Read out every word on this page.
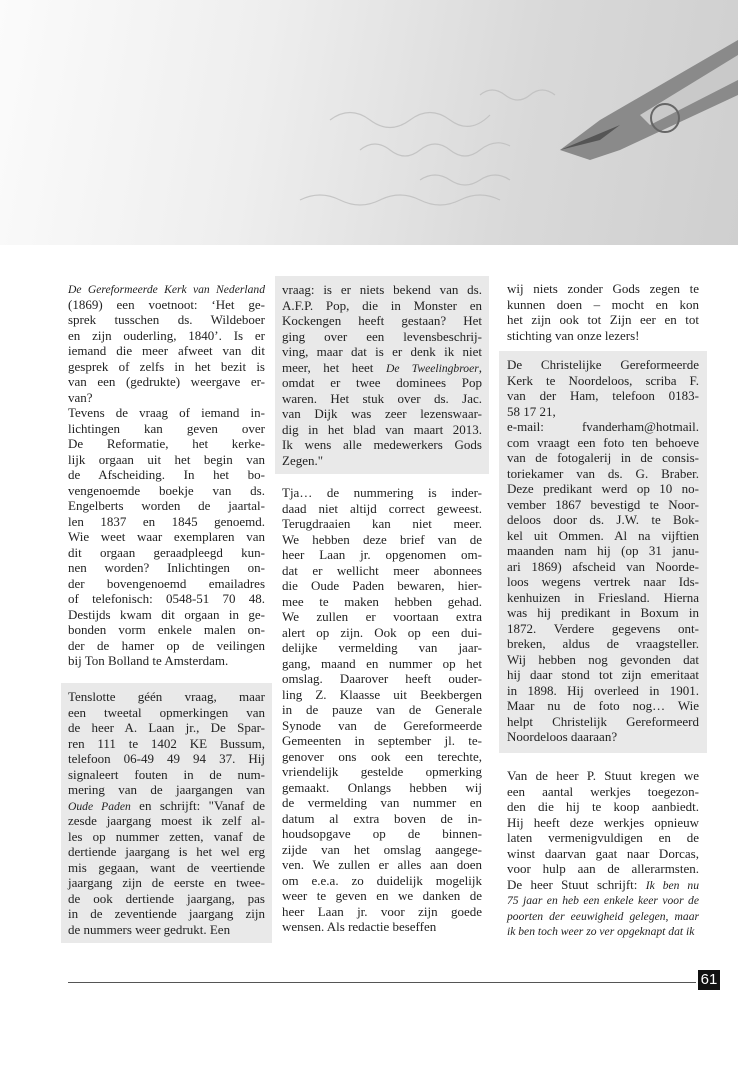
De Gereformeerde Kerk van Nederland
(1869) een voetnoot: ‘Het ge-
sprek tusschen ds. Wildeboer
en zijn ouderling, 1840’. Is er
iemand die meer afweet van dit
gesprek of zelfs in het bezit is
van een (gedrukte) weergave er-
van?
Tevens de vraag of iemand in-
lichtingen kan geven over
De Reformatie, het kerke-
lijk orgaan uit het begin van
de Afscheiding. In het bo-
vengenoemde boekje van ds.
Engelberts worden de jaartal-
len 1837 en 1845 genoemd.
Wie weet waar exemplaren van
dit orgaan geraadpleegd kun-
nen worden? Inlichtingen on-
der bovengenoemd emailadres
of telefonisch: 0548-51 70 48.
Destijds kwam dit orgaan in ge-
bonden vorm enkele malen on-
der de hamer op de veilingen
bij Ton Bolland te Amsterdam.
Tenslotte géén vraag, maar
een tweetal opmerkingen van
de heer A. Laan jr., De Spar-
ren 111 te 1402 KE Bussum,
telefoon 06-49 49 94 37. Hij
signaleert fouten in de num-
mering van de jaargangen van
Oude Paden en schrijft: "Vanaf de
zesde jaargang moest ik zelf al-
les op nummer zetten, vanaf de
dertiende jaargang is het wel erg
mis gegaan, want de veertiende
jaargang zijn de eerste en twee-
de ook dertiende jaargang, pas
in de zeventiende jaargang zijn
de nummers weer gedrukt. Een
vraag: is er niets bekend van ds.
A.F.P. Pop, die in Monster en
Kockengen heeft gestaan? Het
ging over een levensbeschrij-
ving, maar dat is er denk ik niet
meer, het heet De Tweelingbroer,
omdat er twee dominees Pop
waren. Het stuk over ds. Jac.
van Dijk was zeer lezenswaar-
dig in het blad van maart 2013.
Ik wens alle medewerkers Gods
Zegen."
Tja… de nummering is inder-
daad niet altijd correct geweest.
Terugdraaien kan niet meer.
We hebben deze brief van de
heer Laan jr. opgenomen om-
dat er wellicht meer abonnees
die Oude Paden bewaren, hier-
mee te maken hebben gehad.
We zullen er voortaan extra
alert op zijn. Ook op een dui-
delijke vermelding van jaar-
gang, maand en nummer op het
omslag. Daarover heeft ouder-
ling Z. Klaasse uit Beekbergen
in de pauze van de Generale
Synode van de Gereformeerde
Gemeenten in september jl. te-
genover ons ook een terechte,
vriendelijk gestelde opmerking
gemaakt. Onlangs hebben wij
de vermelding van nummer en
datum al extra boven de in-
houdsopgave op de binnen-
zijde van het omslag aangege-
ven. We zullen er alles aan doen
om e.e.a. zo duidelijk mogelijk
weer te geven en we danken de
heer Laan jr. voor zijn goede
wensen. Als redactie beseffen
wij niets zonder Gods zegen te
kunnen doen – mocht en kon
het zijn ook tot Zijn eer en tot
stichting van onze lezers!
De Christelijke Gereformeerde
Kerk te Noordeloos, scriba F.
van der Ham, telefoon 0183-
58 17 21,
e-mail: fvanderham@hotmail.
com vraagt een foto ten behoeve
van de fotogalerij in de consis-
toriekamer van ds. G. Braber.
Deze predikant werd op 10 no-
vember 1867 bevestigd te Noor-
deloos door ds. J.W. te Bok-
kel uit Ommen. Al na vijftien
maanden nam hij (op 31 janu-
ari 1869) afscheid van Noorde-
loos wegens vertrek naar Ids-
kenhuizen in Friesland. Hierna
was hij predikant in Boxum in
1872. Verdere gegevens ont-
breken, aldus de vraagsteller.
Wij hebben nog gevonden dat
hij daar stond tot zijn emeritaat
in 1898. Hij overleed in 1901.
Maar nu de foto nog… Wie
helpt Christelijk Gereformeerd
Noordeloos daaraan?
Van de heer P. Stuut kregen we
een aantal werkjes toegezon-
den die hij te koop aanbiedt.
Hij heeft deze werkjes opnieuw
laten vermenigvuldigen en de
winst daarvan gaat naar Dorcas,
voor hulp aan de allerarmsten.
De heer Stuut schrijft: Ik ben nu
75 jaar en heb een enkele keer voor de
poorten der eeuwigheid gelegen, maar
ik ben toch weer zo ver opgeknapt dat ik
61
